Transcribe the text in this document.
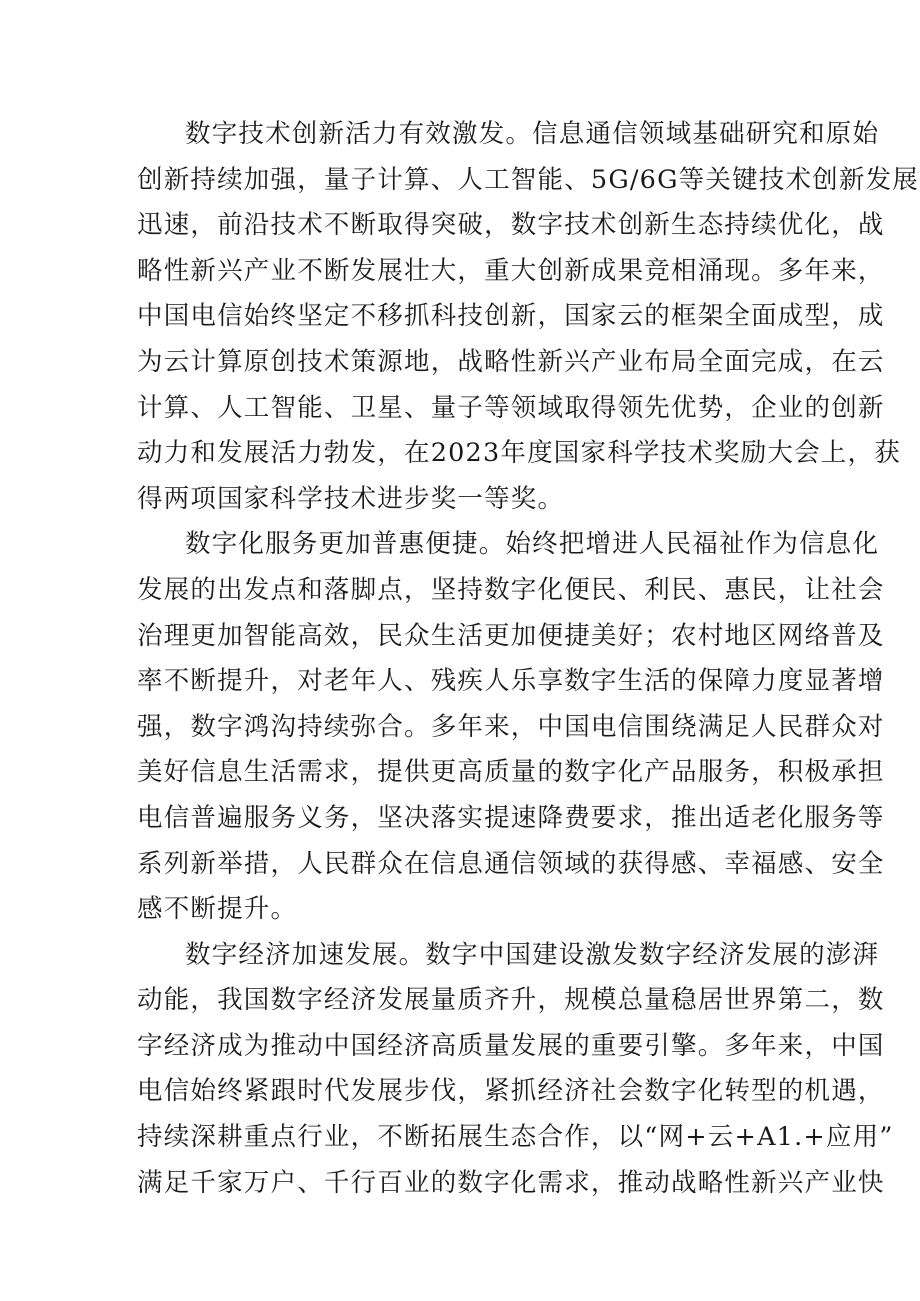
数字技术创新活力有效激发。信息通信领域基础研究和原始
创新持续加强，量子计算、人工智能、5G/6G等关键技术创新发展
迅速，前沿技术不断取得突破，数字技术创新生态持续优化，战
略性新兴产业不断发展壮大，重大创新成果竞相涌现。多年来，
中国电信始终坚定不移抓科技创新，国家云的框架全面成型，成
为云计算原创技术策源地，战略性新兴产业布局全面完成，在云
计算、人工智能、卫星、量子等领域取得领先优势，企业的创新
动力和发展活力勃发，在2023年度国家科学技术奖励大会上，获
得两项国家科学技术进步奖一等奖。
数字化服务更加普惠便捷。始终把增进人民福祉作为信息化
发展的出发点和落脚点，坚持数字化便民、利民、惠民，让社会
治理更加智能高效，民众生活更加便捷美好；农村地区网络普及
率不断提升，对老年人、残疾人乐享数字生活的保障力度显著增
强，数字鸿沟持续弥合。多年来，中国电信围绕满足人民群众对
美好信息生活需求，提供更高质量的数字化产品服务，积极承担
电信普遍服务义务，坚决落实提速降费要求，推出适老化服务等
系列新举措，人民群众在信息通信领域的获得感、幸福感、安全
感不断提升。
数字经济加速发展。数字中国建设激发数字经济发展的澎湃
动能，我国数字经济发展量质齐升，规模总量稳居世界第二，数
字经济成为推动中国经济高质量发展的重要引擎。多年来，中国
电信始终紧跟时代发展步伐，紧抓经济社会数字化转型的机遇，
持续深耕重点行业，不断拓展生态合作，以“网+云+A1.+应用”
满足千家万户、千行百业的数字化需求，推动战略性新兴产业快
